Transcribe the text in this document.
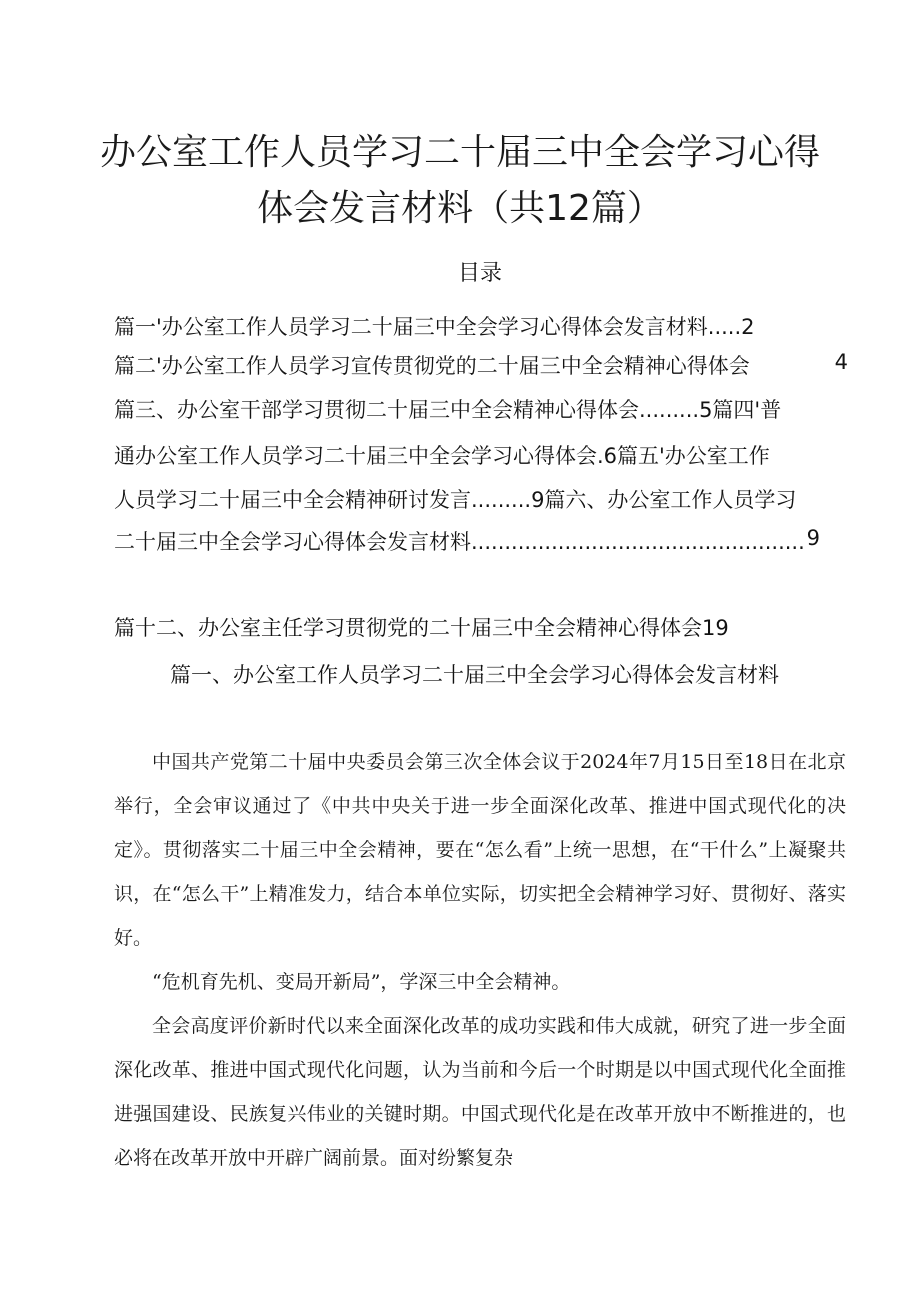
办公室工作人员学习二十届三中全会学习心得
体会发言材料（共12篇）
目录
篇一'办公室工作人员学习二十届三中全会学习心得体会发言材料.....2
篇二'办公室工作人员学习宣传贯彻党的二十届三中全会精神心得体会	4
篇三、办公室干部学习贯彻二十届三中全会精神心得体会.........5篇四'普
通办公室工作人员学习二十届三中全会学习心得体会.6篇五'办公室工作
人员学习二十届三中全会精神研讨发言.........9篇六、办公室工作人员学习
二十届三中全会学习心得体会发言材料.................................................. 9
篇十二、办公室主任学习贯彻党的二十届三中全会精神心得体会19
篇一、办公室工作人员学习二十届三中全会学习心得体会发言材料

中国共产党第二十届中央委员会第三次全体会议于2024年7月15日至18日在北京举行，全会审议通过了《中共中央关于进一步全面深化改革、推进中国式现代化的决定》。贯彻落实二十届三中全会精神，要在“怎么看”上统一思想，在“干什么”上凝聚共识，在“怎么干”上精准发力，结合本单位实际，切实把全会精神学习好、贯彻好、落实好。

“危机育先机、变局开新局”，学深三中全会精神。

全会高度评价新时代以来全面深化改革的成功实践和伟大成就，研究了进一步全面深化改革、推进中国式现代化问题，认为当前和今后一个时期是以中国式现代化全面推进强国建设、民族复兴伟业的关键时期。中国式现代化是在改革开放中不断推进的，也必将在改革开放中开辟广阔前景。面对纷繁复杂
